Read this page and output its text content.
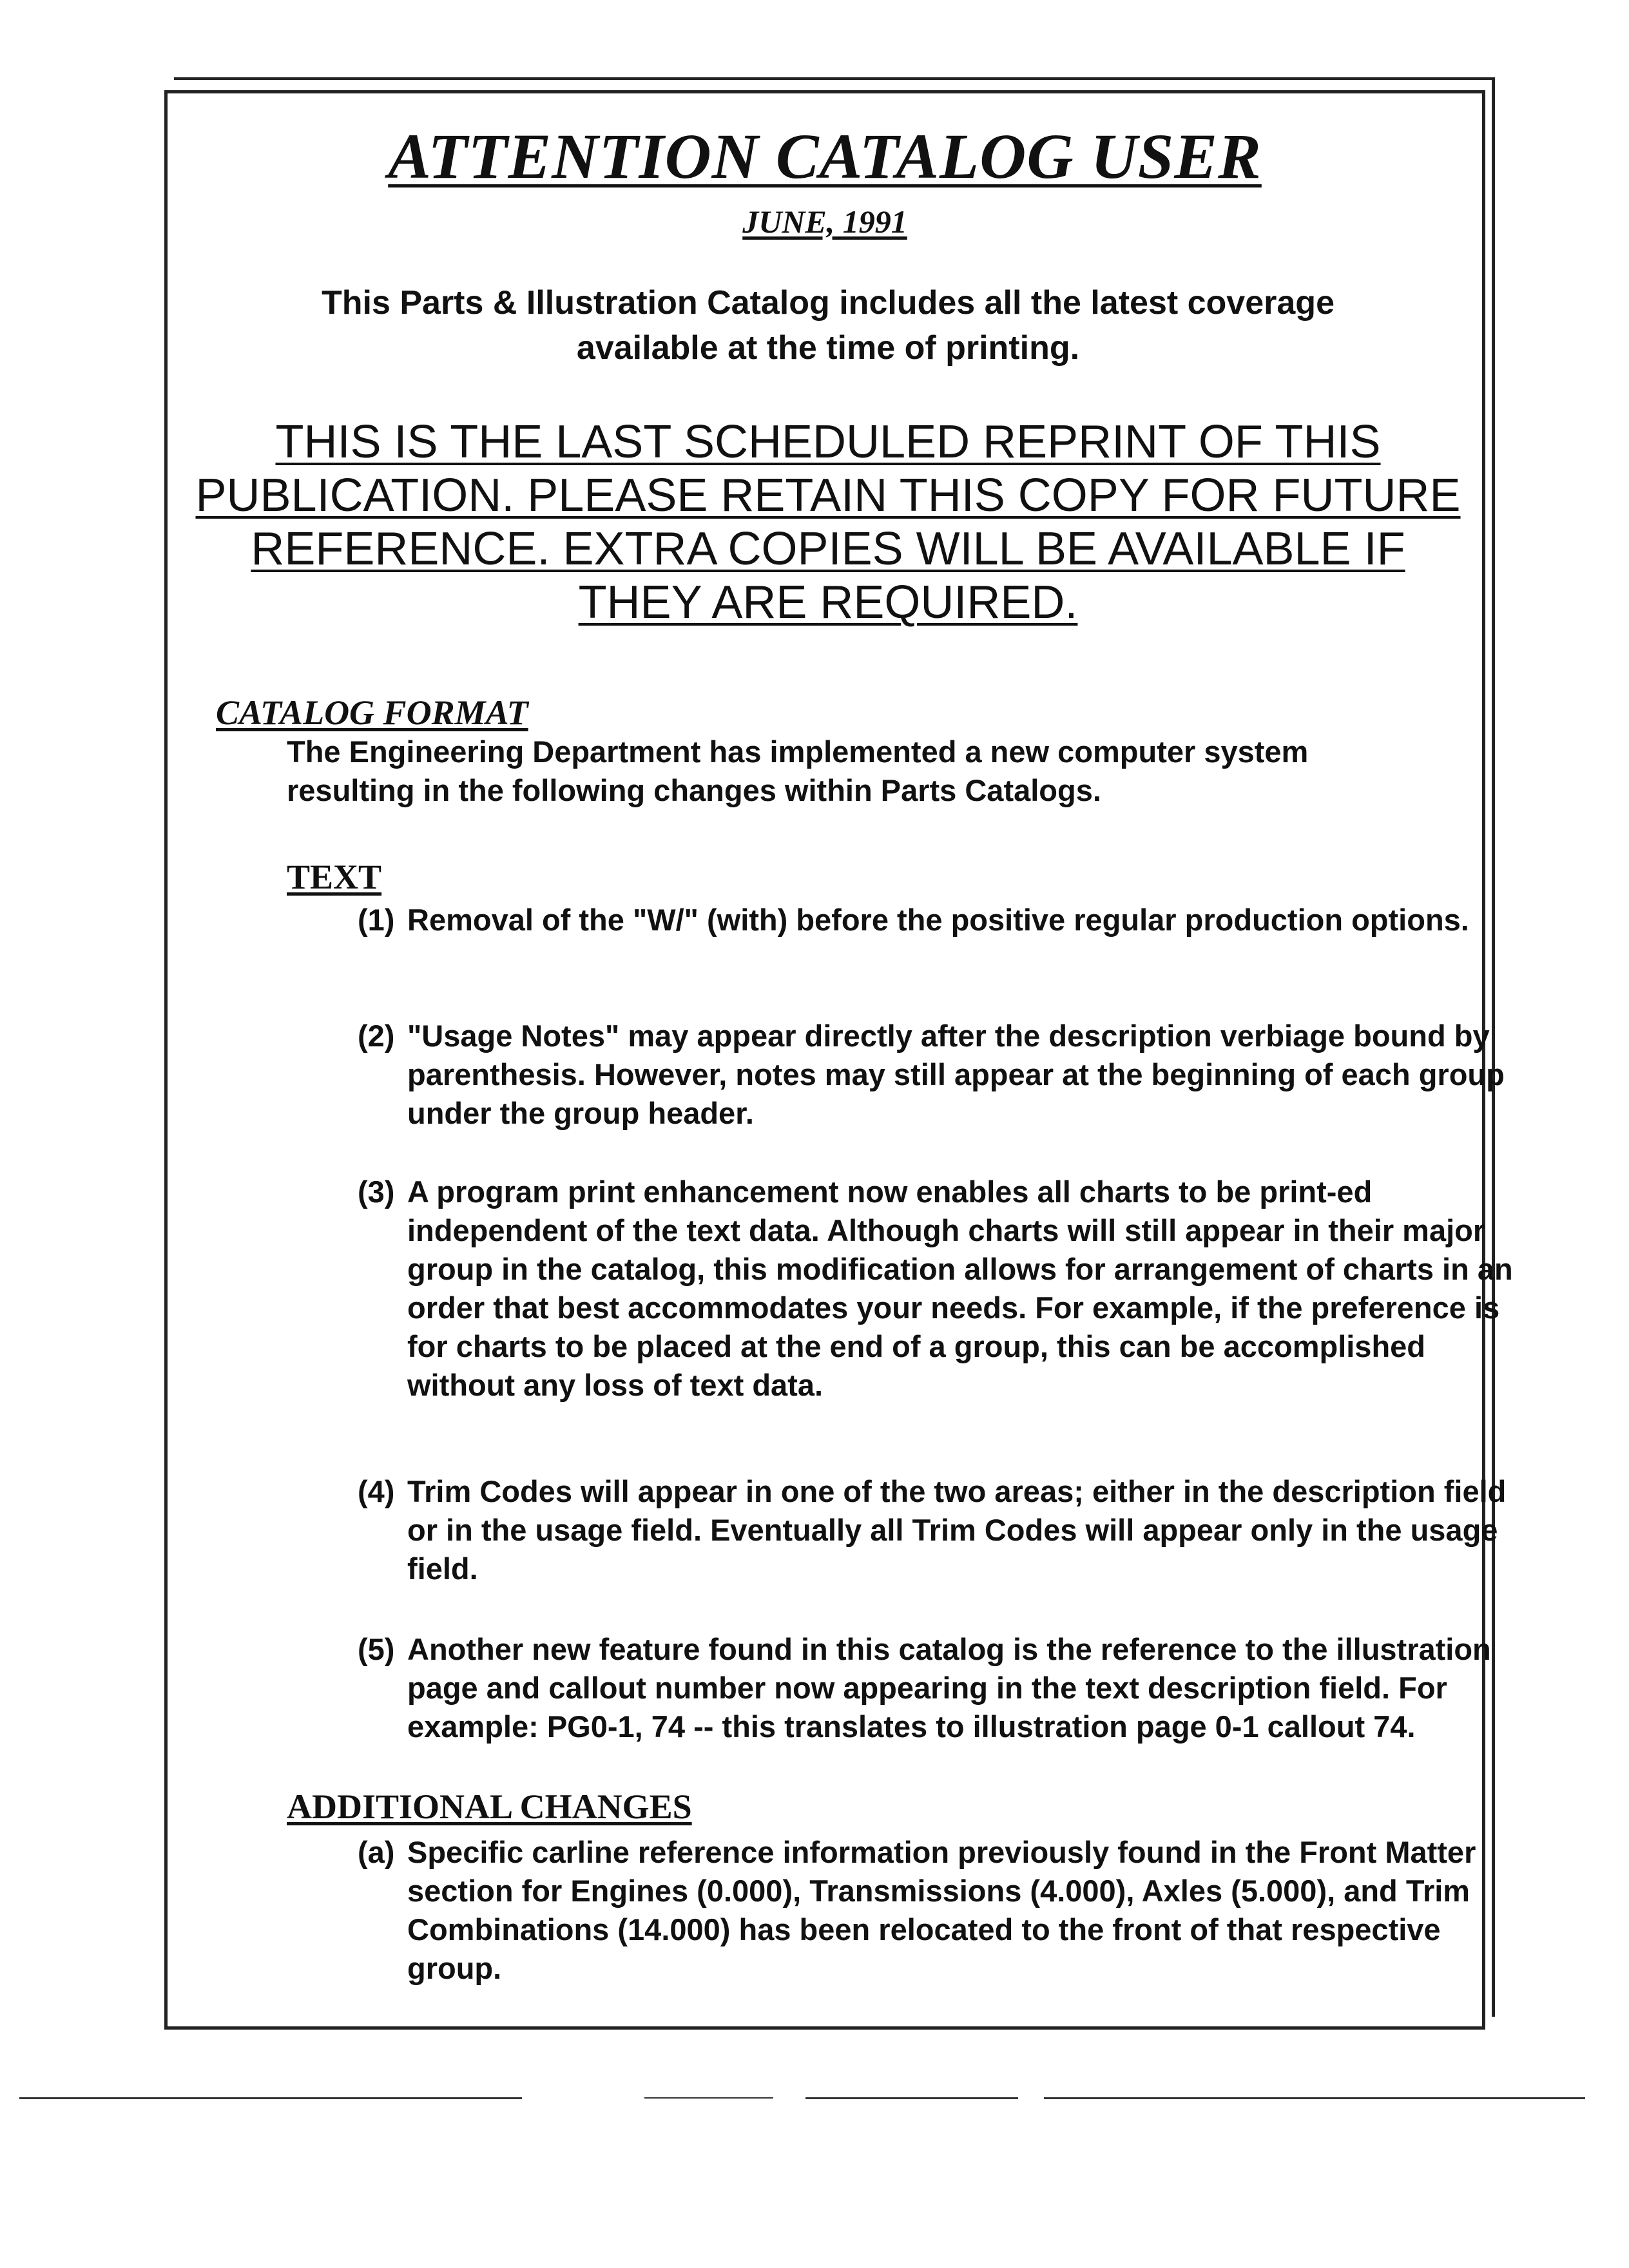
ATTENTION CATALOG USER
JUNE, 1991
This Parts & Illustration Catalog includes all the latest coverage available at the time of printing.
THIS IS THE LAST SCHEDULED REPRINT OF THIS PUBLICATION. PLEASE RETAIN THIS COPY FOR FUTURE REFERENCE. EXTRA COPIES WILL BE AVAILABLE IF THEY ARE REQUIRED.
CATALOG FORMAT
The Engineering Department has implemented a new computer system resulting in the following changes within Parts Catalogs.
TEXT

(1) Removal of the "W/" (with) before the positive regular production options.

(2) "Usage Notes" may appear directly after the description verbiage bound by parenthesis. However, notes may still appear at the beginning of each group under the group header.

(3) A program print enhancement now enables all charts to be print-ed independent of the text data. Although charts will still appear in their major group in the catalog, this modification allows for arrangement of charts in an order that best accommodates your needs. For example, if the preference is for charts to be placed at the end of a group, this can be accomplished without any loss of text data.

(4) Trim Codes will appear in one of the two areas; either in the description field or in the usage field. Eventually all Trim Codes will appear only in the usage field.

(5) Another new feature found in this catalog is the reference to the illustration page and callout number now appearing in the text description field. For example: PG0-1, 74 -- this translates to illustration page 0-1 callout 74.

ADDITIONAL CHANGES

(a) Specific carline reference information previously found in the Front Matter section for Engines (0.000), Transmissions (4.000), Axles (5.000), and Trim Combinations (14.000) has been relocated to the front of that respective group.
